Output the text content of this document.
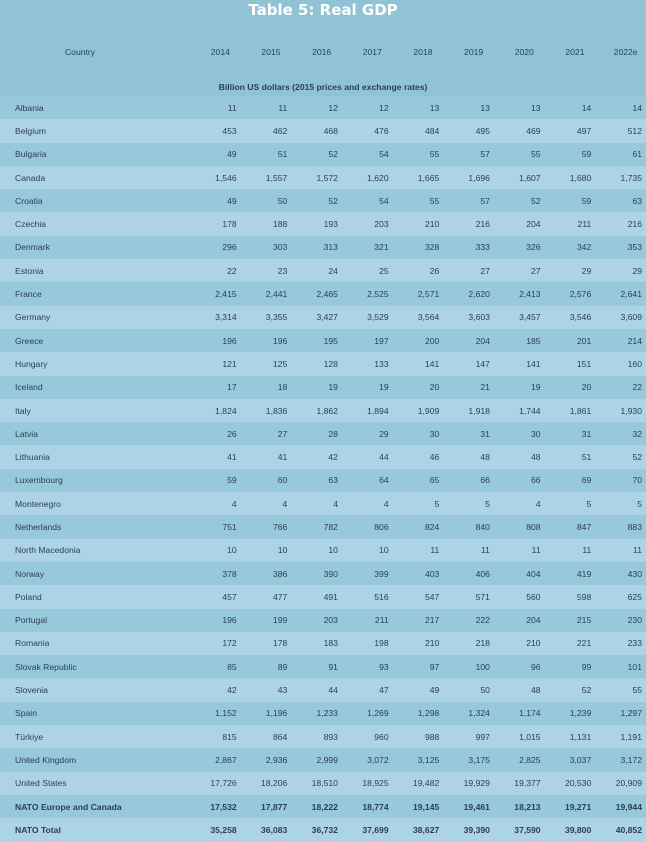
Table 5: Real GDP
Country	2014	2015	2016	2017	2018	2019	2020	2021	2022e
Billion US dollars (2015 prices and exchange rates)									
Albania	11	11	12	12	13	13	13	14	14
Belgium	453	462	468	476	484	495	469	497	512
Bulgaria	49	51	52	54	55	57	55	59	61
Canada	1,546	1,557	1,572	1,620	1,665	1,696	1,607	1,680	1,735
Croatia	49	50	52	54	55	57	52	59	63
Czechia	178	188	193	203	210	216	204	211	216
Denmark	296	303	313	321	328	333	326	342	353
Estonia	22	23	24	25	26	27	27	29	29
France	2,415	2,441	2,465	2,525	2,571	2,620	2,413	2,576	2,641
Germany	3,314	3,355	3,427	3,529	3,564	3,603	3,457	3,546	3,609
Greece	196	196	195	197	200	204	185	201	214
Hungary	121	125	128	133	141	147	141	151	160
Iceland	17	18	19	19	20	21	19	20	22
Italy	1,824	1,836	1,862	1,894	1,909	1,918	1,744	1,861	1,930
Latvia	26	27	28	29	30	31	30	31	32
Lithuania	41	41	42	44	46	48	48	51	52
Luxembourg	59	60	63	64	65	66	66	69	70
Montenegro	4	4	4	4	5	5	4	5	5
Netherlands	751	766	782	806	824	840	808	847	883
North Macedonia	10	10	10	10	11	11	11	11	11
Norway	378	386	390	399	403	406	404	419	430
Poland	457	477	491	516	547	571	560	598	625
Portugal	196	199	203	211	217	222	204	215	230
Romania	172	178	183	198	210	218	210	221	233
Slovak Republic	85	89	91	93	97	100	96	99	101
Slovenia	42	43	44	47	49	50	48	52	55
Spain	1,152	1,196	1,233	1,269	1,298	1,324	1,174	1,239	1,297
Türkiye	815	864	893	960	988	997	1,015	1,131	1,191
United Kingdom	2,867	2,936	2,999	3,072	3,125	3,175	2,825	3,037	3,172
United States	17,726	18,206	18,510	18,925	19,482	19,929	19,377	20,530	20,909
NATO Europe and Canada	17,532	17,877	18,222	18,774	19,145	19,461	18,213	19,271	19,944
NATO Total	35,258	36,083	36,732	37,699	38,627	39,390	37,590	39,800	40,852
